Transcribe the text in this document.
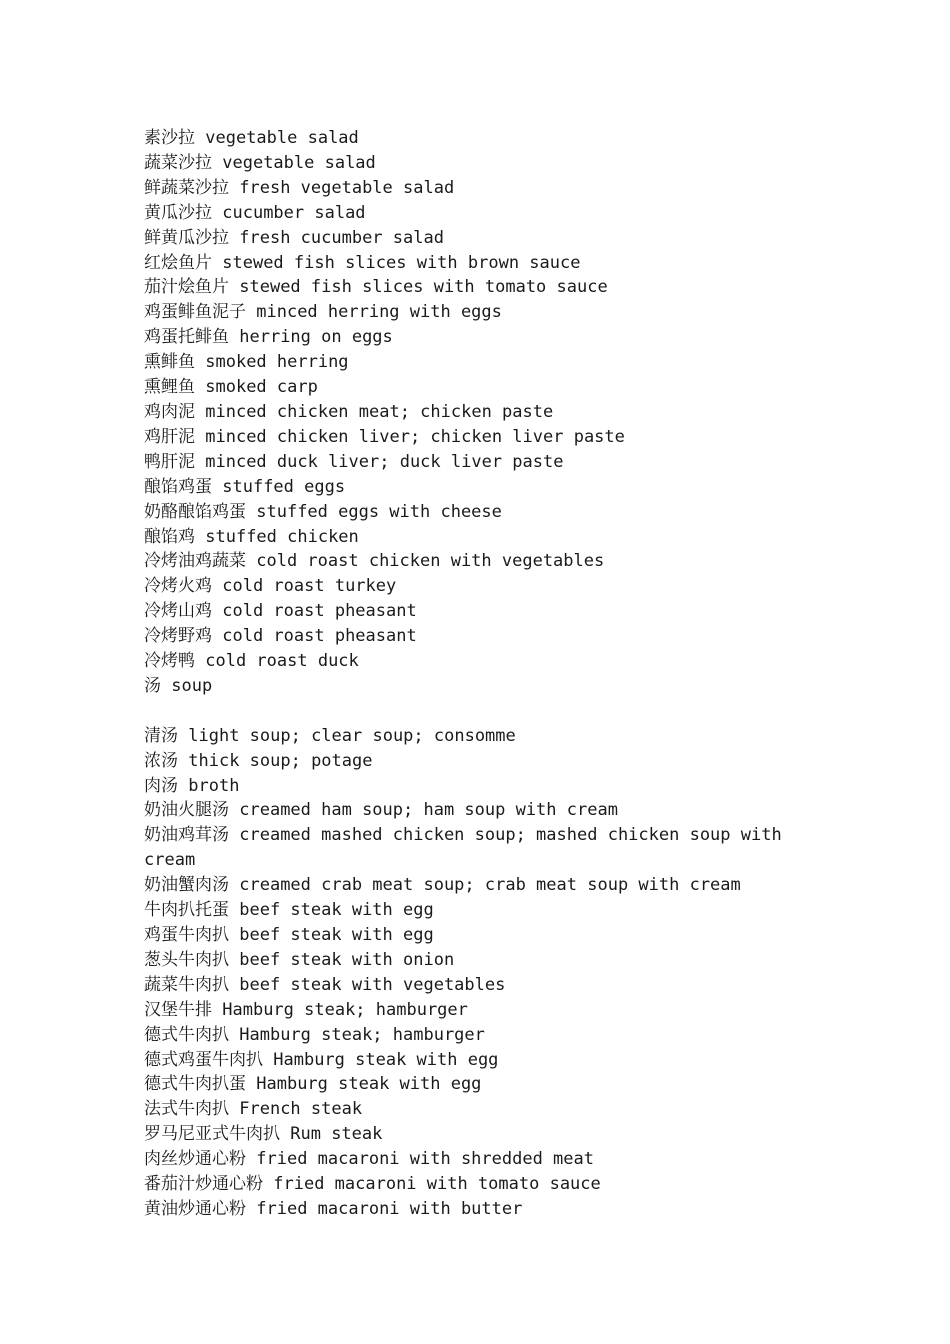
素沙拉 vegetable salad

蔬菜沙拉 vegetable salad

鲜蔬菜沙拉 fresh vegetable salad

黄瓜沙拉 cucumber salad

鲜黄瓜沙拉 fresh cucumber salad

红烩鱼片 stewed fish slices with brown sauce

茄汁烩鱼片 stewed fish slices with tomato sauce

鸡蛋鲱鱼泥子 minced herring with eggs

鸡蛋托鲱鱼 herring on eggs

熏鲱鱼 smoked herring

熏鲤鱼 smoked carp

鸡肉泥 minced chicken meat; chicken paste

鸡肝泥 minced chicken liver; chicken liver paste

鸭肝泥 minced duck liver; duck liver paste

酿馅鸡蛋 stuffed eggs

奶酪酿馅鸡蛋 stuffed eggs with cheese

酿馅鸡 stuffed chicken

冷烤油鸡蔬菜 cold roast chicken with vegetables

冷烤火鸡 cold roast turkey

冷烤山鸡 cold roast pheasant

冷烤野鸡 cold roast pheasant

冷烤鸭 cold roast duck

汤 soup

清汤 light soup; clear soup; consomme

浓汤 thick soup; potage

肉汤 broth

奶油火腿汤 creamed ham soup; ham soup with cream

奶油鸡茸汤 creamed mashed chicken soup; mashed chicken soup with cream

奶油蟹肉汤 creamed crab meat soup; crab meat soup with cream

牛肉扒托蛋 beef steak with egg

鸡蛋牛肉扒 beef steak with egg

葱头牛肉扒 beef steak with onion

蔬菜牛肉扒 beef steak with vegetables

汉堡牛排 Hamburg steak; hamburger

德式牛肉扒 Hamburg steak; hamburger

德式鸡蛋牛肉扒 Hamburg steak with egg

德式牛肉扒蛋 Hamburg steak with egg

法式牛肉扒 French steak

罗马尼亚式牛肉扒 Rum steak

肉丝炒通心粉 fried macaroni with shredded meat

番茄汁炒通心粉 fried macaroni with tomato sauce

黄油炒通心粉 fried macaroni with butter
